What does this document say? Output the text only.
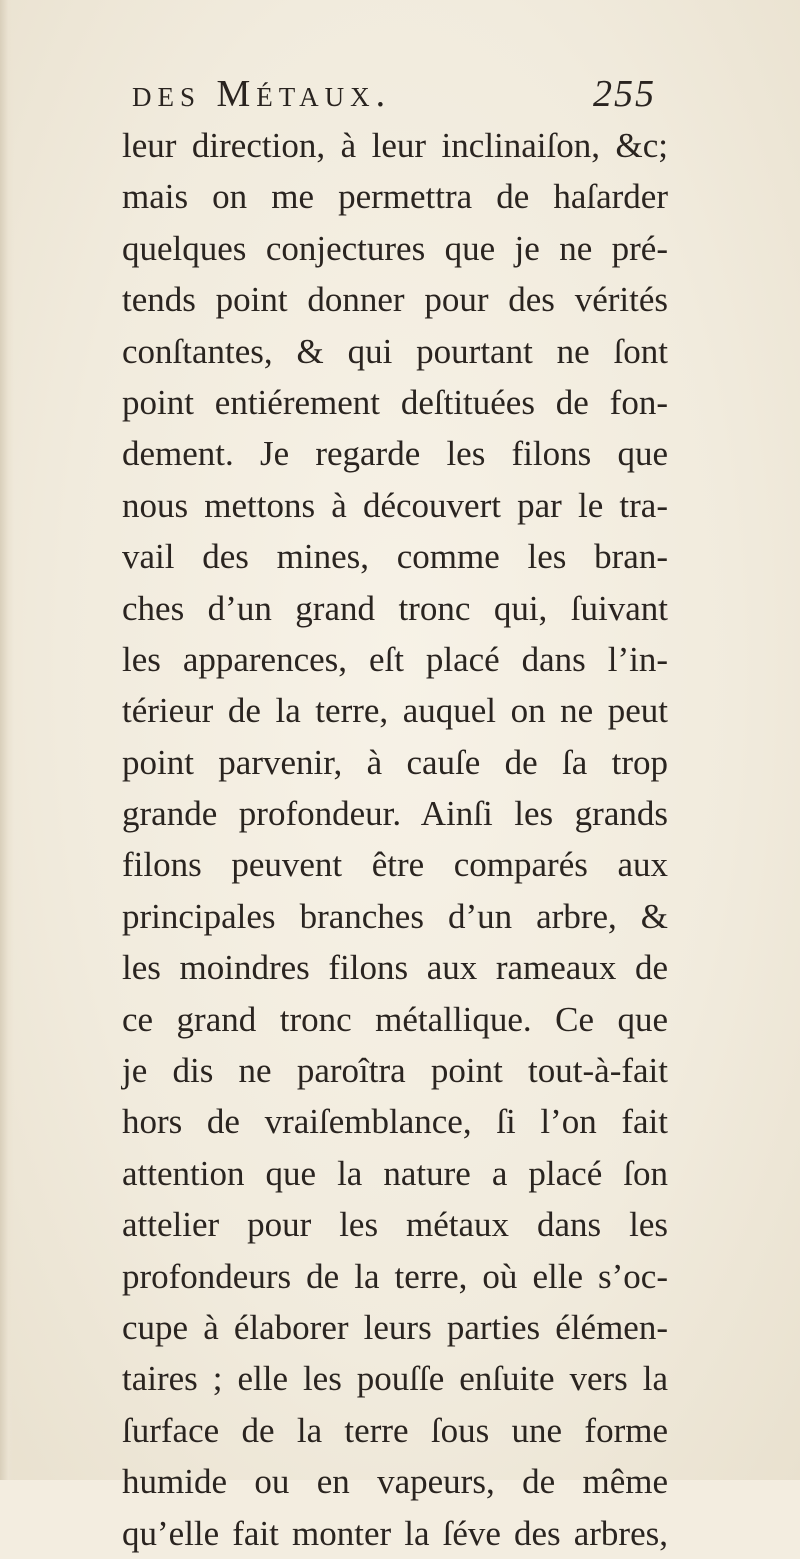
des Métaux.	255
leur direction, à leur inclinaiſon, &c;
mais on me permettra de haſarder
quelques conjectures que je ne pré-
tends point donner pour des vérités
conſtantes, & qui pourtant ne ſont
point entiérement deſtituées de fon-
dement. Je regarde les filons que
nous mettons à découvert par le tra-
vail des mines, comme les bran-
ches d’un grand tronc qui, ſuivant
les apparences, eſt placé dans l’in-
térieur de la terre, auquel on ne peut
point parvenir, à cauſe de ſa trop
grande profondeur. Ainſi les grands
filons peuvent être comparés aux
principales branches d’un arbre, &
les moindres filons aux rameaux de
ce grand tronc métallique. Ce que
je dis ne paroîtra point tout-à-fait
hors de vraiſemblance, ſi l’on fait
attention que la nature a placé ſon
attelier pour les métaux dans les
profondeurs de la terre, où elle s’oc-
cupe à élaborer leurs parties élémen-
taires ; elle les pouſſe enſuite vers la
ſurface de la terre ſous une forme
humide ou en vapeurs, de même
qu’elle fait monter la ſéve des arbres,
